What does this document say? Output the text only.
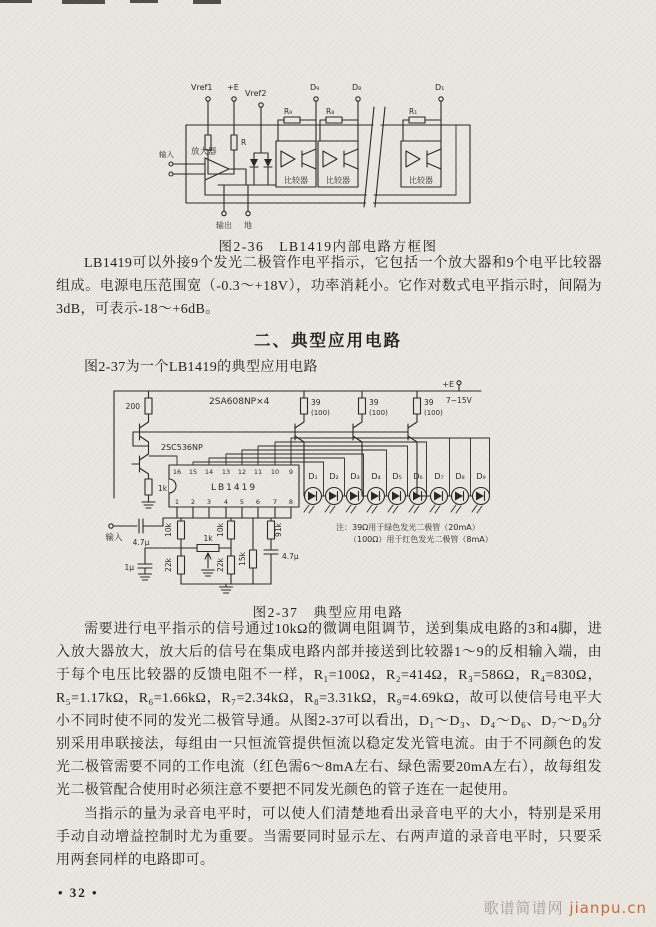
Vref1 +E
Vref2
D₉	D₈	D₁
R
输入 放大器
输出 地
比较器
R₉
比较器
R₈
比较器
R₁
图2-36　LB1419内部电路方框图

LB1419可以外接9个发光二极管作电平指示，它包括一个放大器和9个电平比较器组成。电源电压范围宽（-0.3～+18V），功率消耗小。它作对数式电平指示时，间隔为3dB，可表示-18～+6dB。

二、典型应用电路
图2-37为一个LB1419的典型应用电路
+E
7~15V
2SA608NP×4
200
2SC536NP
1k
39
(100)
39
(100)
39
(100)
LB1419
16 15 14 13 12 11 10 9
1 2 3 4 5 6 7 8
D₁ D₂ D₃ D₄ D₅ D₆ D₇ D₈ D₉
输入 4.7μ
10k
22k
10k
22k 15k
91k
1k
4.7μ
1μ
注：39Ω用于绿色发光二极管（20mA）
（100Ω）用于红色发光二极管（8mA）
图2-37　典型应用电路

需要进行电平指示的信号通过10kΩ的微调电阻调节，送到集成电路的3和4脚，进入放大器放大，放大后的信号在集成电路内部并接送到比较器1～9的反相输入端，由于每个电压比较器的反馈电阻不一样，R₁=100Ω，R₂=414Ω，R₃=586Ω，R₄=830Ω，R₅=1.17kΩ，R₆=1.66kΩ，R₇=2.34kΩ，R₈=3.31kΩ，R₉=4.69kΩ，故可以使信号电平大小不同时使不同的发光二极管导通。从图2-37可以看出，D₁～D₃、D₄～D₆、D₇～D₉分别采用串联接法，每组由一只恒流管提供恒流以稳定发光管电流。由于不同颜色的发光二极管需要不同的工作电流（红色需6～8mA左右、绿色需要20mA左右），故每组发光二极管配合使用时必须注意不要把不同发光颜色的管子连在一起使用。

当指示的量为录音电平时，可以使人们清楚地看出录音电平的大小，特别是采用手动自动增益控制时尤为重要。当需要同时显示左、右两声道的录音电平时，只要采用两套同样的电路即可。

• 32 •
歌谱简谱网 jianpu.cn
